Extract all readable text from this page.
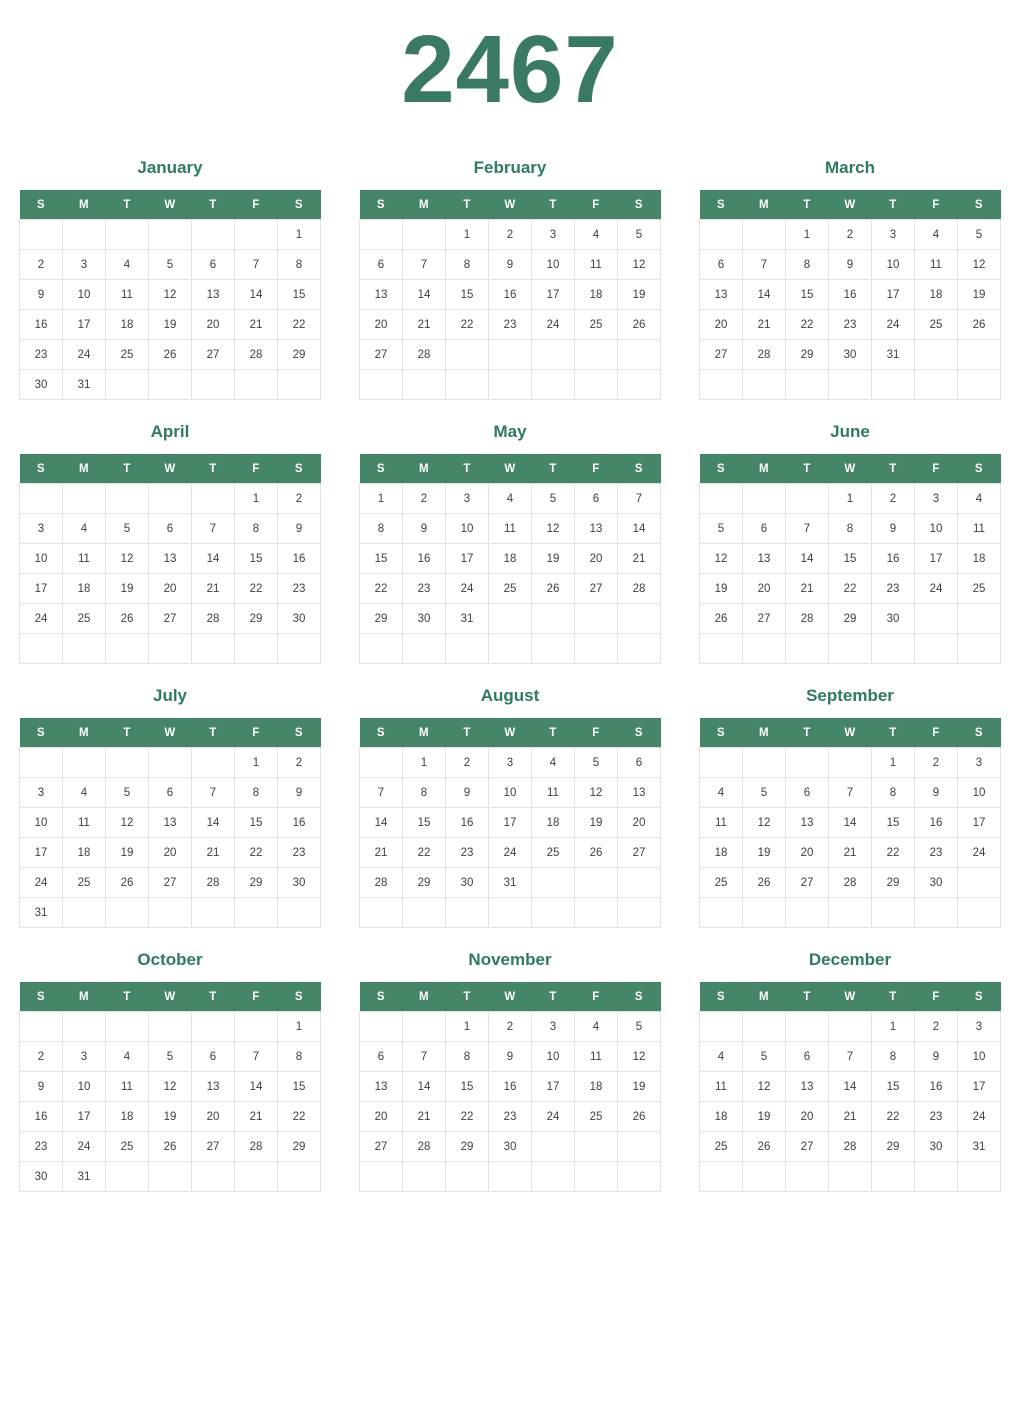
2467
January
S	M	T	W	T	F	S
						1
2	3	4	5	6	7	8
9	10	11	12	13	14	15
16	17	18	19	20	21	22
23	24	25	26	27	28	29
30	31					
February
S	M	T	W	T	F	S
		1	2	3	4	5
6	7	8	9	10	11	12
13	14	15	16	17	18	19
20	21	22	23	24	25	26
27	28					

March
S	M	T	W	T	F	S
		1	2	3	4	5
6	7	8	9	10	11	12
13	14	15	16	17	18	19
20	21	22	23	24	25	26
27	28	29	30	31		

April
S	M	T	W	T	F	S
					1	2
3	4	5	6	7	8	9
10	11	12	13	14	15	16
17	18	19	20	21	22	23
24	25	26	27	28	29	30

May
S	M	T	W	T	F	S
1	2	3	4	5	6	7
8	9	10	11	12	13	14
15	16	17	18	19	20	21
22	23	24	25	26	27	28
29	30	31				

June
S	M	T	W	T	F	S
			1	2	3	4
5	6	7	8	9	10	11
12	13	14	15	16	17	18
19	20	21	22	23	24	25
26	27	28	29	30		

July
S	M	T	W	T	F	S
					1	2
3	4	5	6	7	8	9
10	11	12	13	14	15	16
17	18	19	20	21	22	23
24	25	26	27	28	29	30
31						
August
S	M	T	W	T	F	S
	1	2	3	4	5	6
7	8	9	10	11	12	13
14	15	16	17	18	19	20
21	22	23	24	25	26	27
28	29	30	31			

September
S	M	T	W	T	F	S
				1	2	3
4	5	6	7	8	9	10
11	12	13	14	15	16	17
18	19	20	21	22	23	24
25	26	27	28	29	30	

October
S	M	T	W	T	F	S
						1
2	3	4	5	6	7	8
9	10	11	12	13	14	15
16	17	18	19	20	21	22
23	24	25	26	27	28	29
30	31					
November
S	M	T	W	T	F	S
		1	2	3	4	5
6	7	8	9	10	11	12
13	14	15	16	17	18	19
20	21	22	23	24	25	26
27	28	29	30			

December
S	M	T	W	T	F	S
				1	2	3
4	5	6	7	8	9	10
11	12	13	14	15	16	17
18	19	20	21	22	23	24
25	26	27	28	29	30	31
